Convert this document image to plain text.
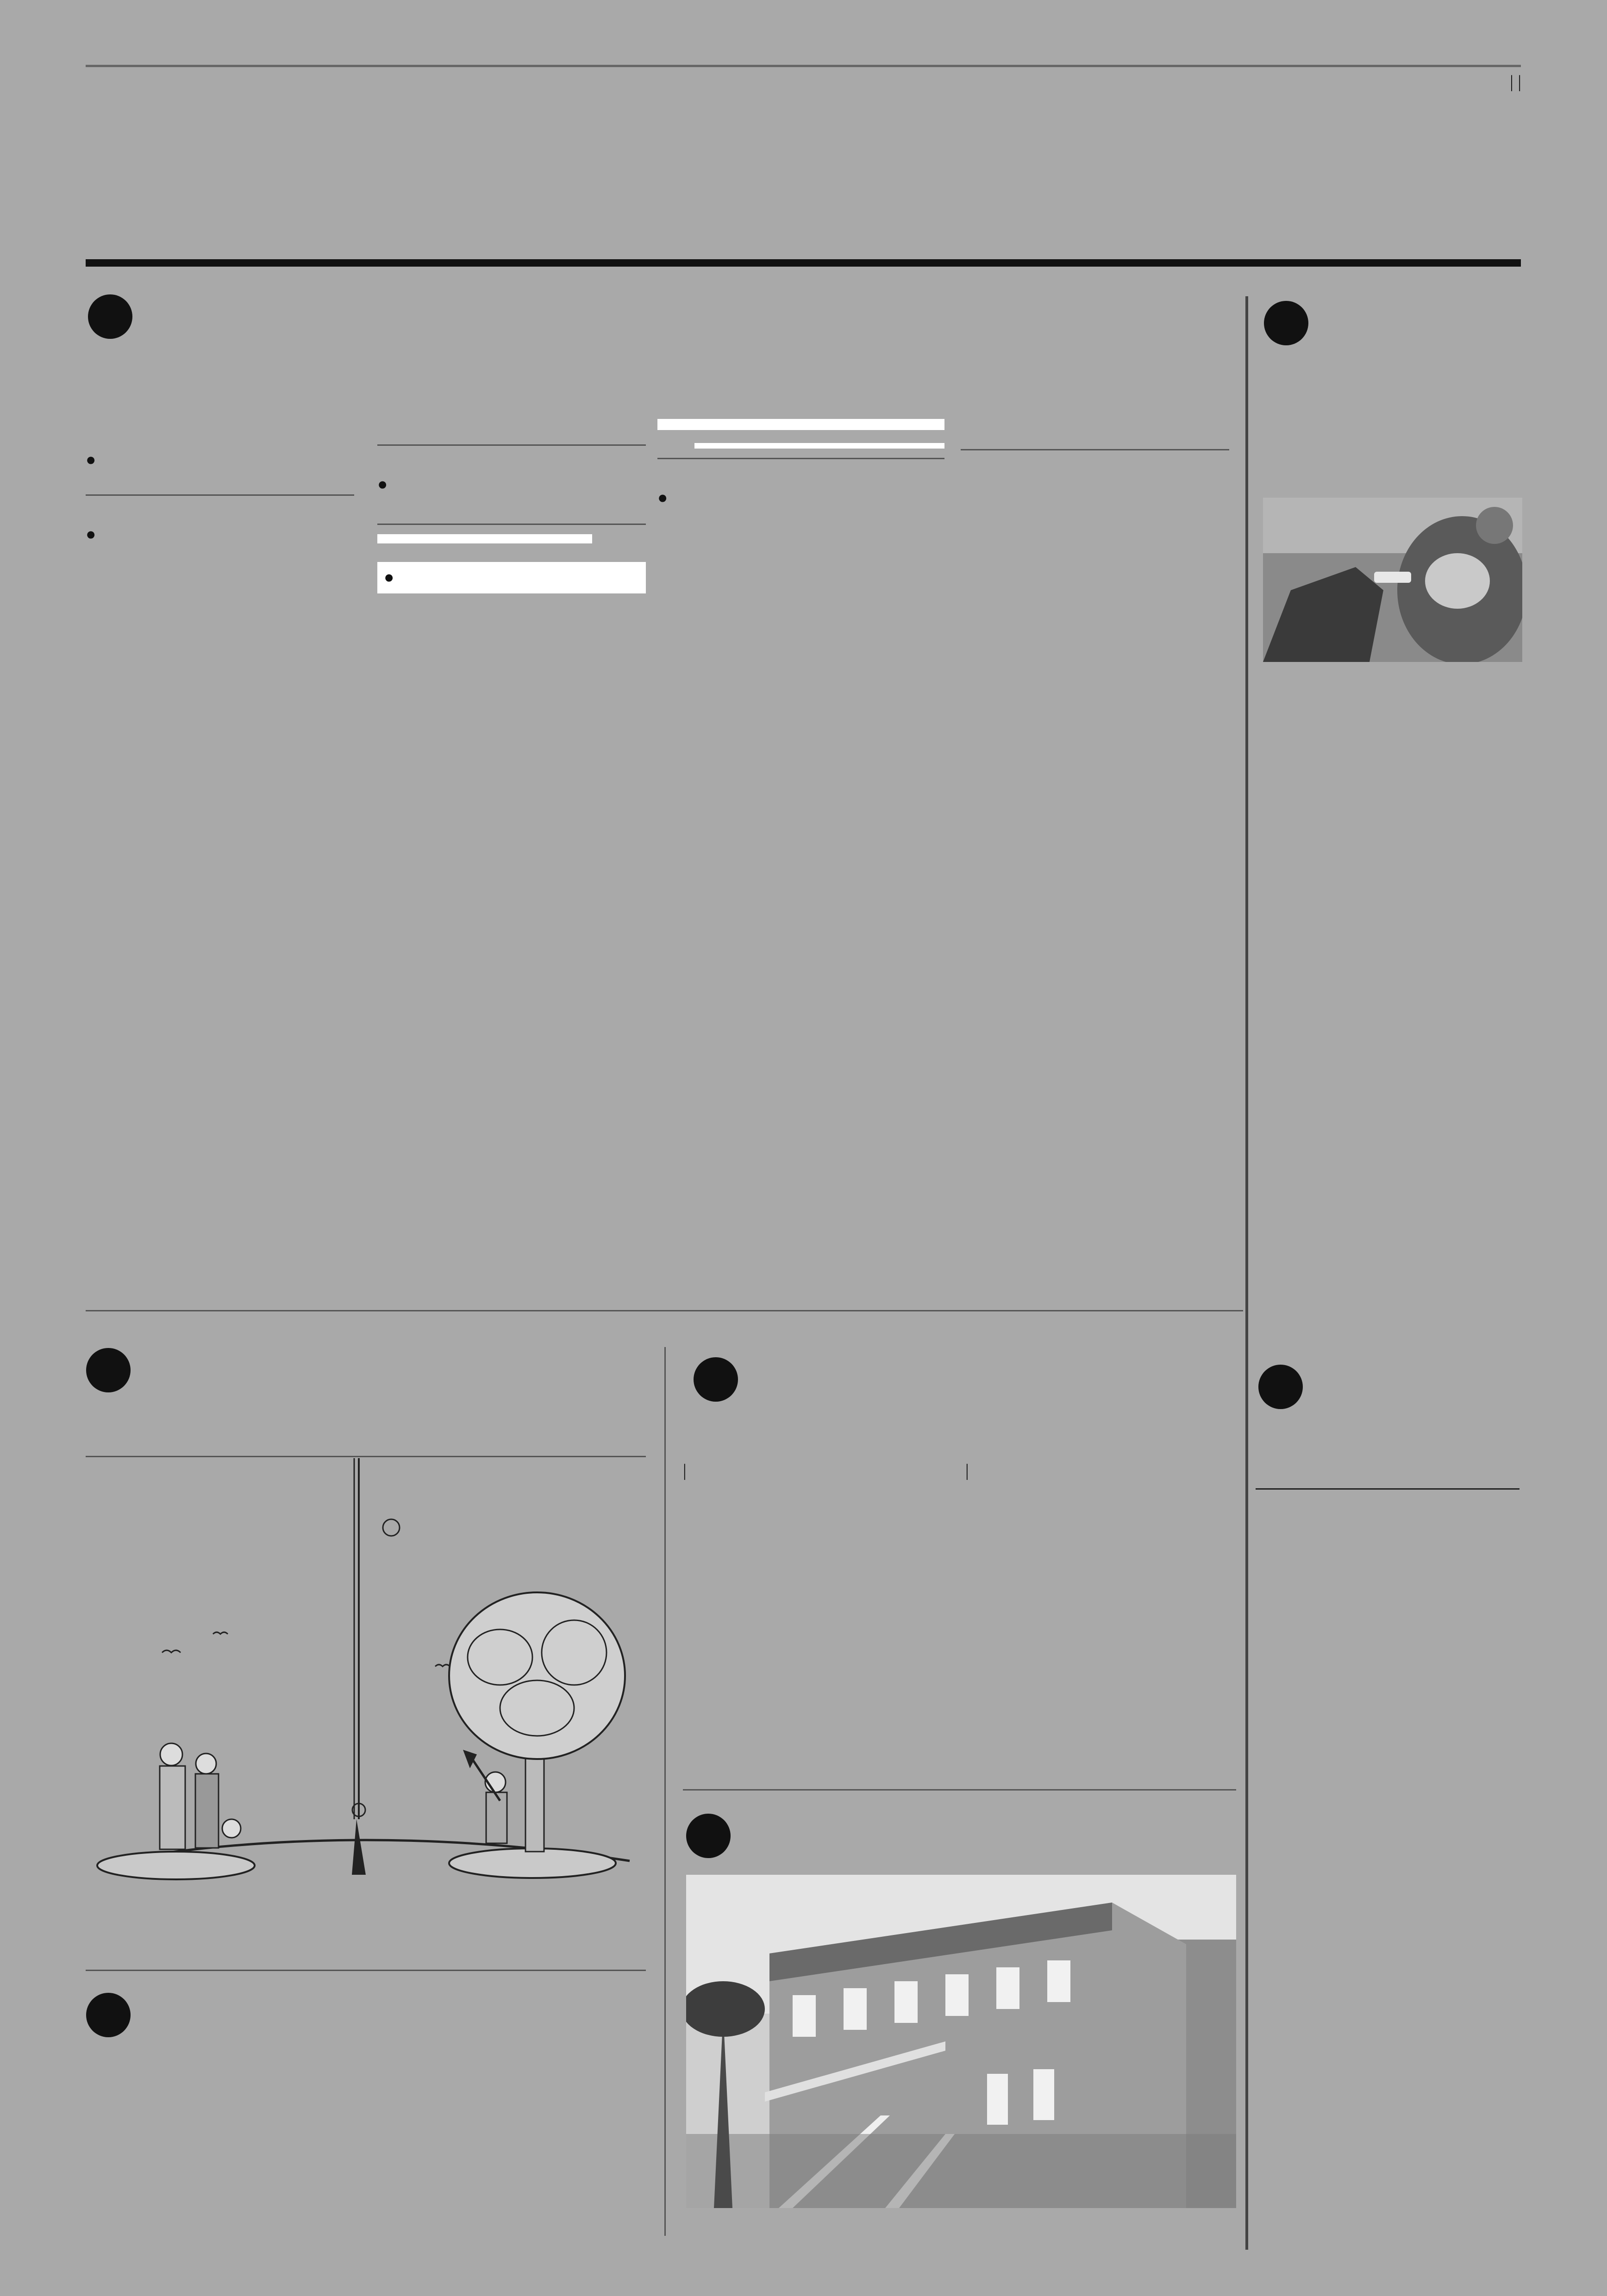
| |

●

●

●

●

●

|	|
